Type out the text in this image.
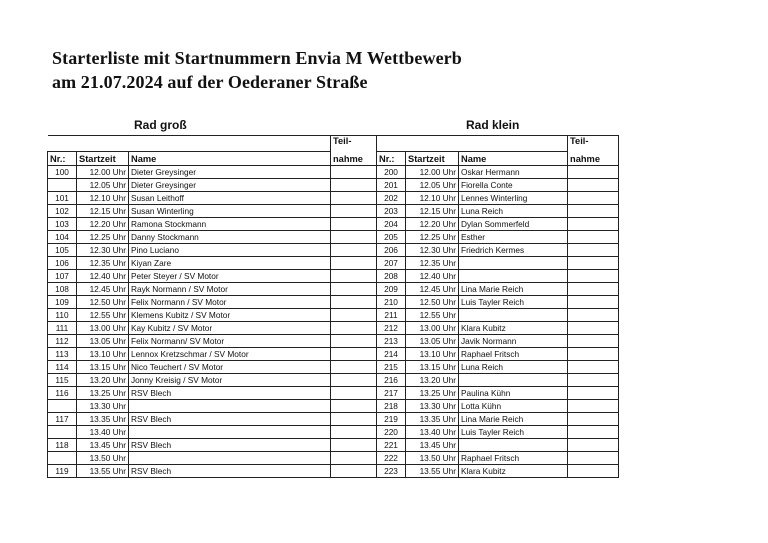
Starterliste mit Startnummern Envia M Wettbewerb
am 21.07.2024 auf der Oederaner Straße
Rad groß	Rad klein
			Teil-				Teil-
Nr.:	Startzeit	Name	nahme	Nr.:	Startzeit	Name	nahme
100	12.00 Uhr	Dieter Greysinger		200	12.00 Uhr	Oskar Hermann	
	12.05 Uhr	Dieter Greysinger		201	12.05 Uhr	Fiorella Conte	
101	12.10 Uhr	Susan Leithoff		202	12.10 Uhr	Lennes Winterling	
102	12.15 Uhr	Susan Winterling		203	12.15 Uhr	Luna Reich	
103	12.20 Uhr	Ramona Stockmann		204	12.20 Uhr	Dylan Sommerfeld	
104	12.25 Uhr	Danny Stockmann		205	12.25 Uhr	Esther	
105	12.30 Uhr	Pino Luciano		206	12.30 Uhr	Friedrich Kermes	
106	12.35 Uhr	Kiyan Zare		207	12.35 Uhr		
107	12.40 Uhr	Peter Steyer / SV Motor		208	12.40 Uhr		
108	12.45 Uhr	Rayk Normann / SV Motor		209	12.45 Uhr	Lina Marie Reich	
109	12.50 Uhr	Felix Normann / SV Motor		210	12.50 Uhr	Luis Tayler Reich	
110	12.55 Uhr	Klemens Kubitz / SV Motor		211	12.55 Uhr		
111	13.00 Uhr	Kay Kubitz / SV Motor		212	13.00 Uhr	Klara Kubitz	
112	13.05 Uhr	Felix Normann/ SV Motor		213	13.05 Uhr	Javik Normann	
113	13.10 Uhr	Lennox Kretzschmar / SV Motor		214	13.10 Uhr	Raphael Fritsch	
114	13.15 Uhr	Nico Teuchert / SV Motor		215	13.15 Uhr	Luna Reich	
115	13.20 Uhr	Jonny Kreisig / SV Motor		216	13.20 Uhr		
116	13.25 Uhr	RSV Blech		217	13.25 Uhr	Paulina Kühn	
	13.30 Uhr			218	13.30 Uhr	Lotta Kühn	
117	13.35 Uhr	RSV Blech		219	13.35 Uhr	Lina Marie Reich	
	13.40 Uhr			220	13.40 Uhr	Luis Tayler Reich	
118	13.45 Uhr	RSV Blech		221	13.45 Uhr		
	13.50 Uhr			222	13.50 Uhr	Raphael Fritsch	
119	13.55 Uhr	RSV Blech		223	13.55 Uhr	Klara Kubitz	
